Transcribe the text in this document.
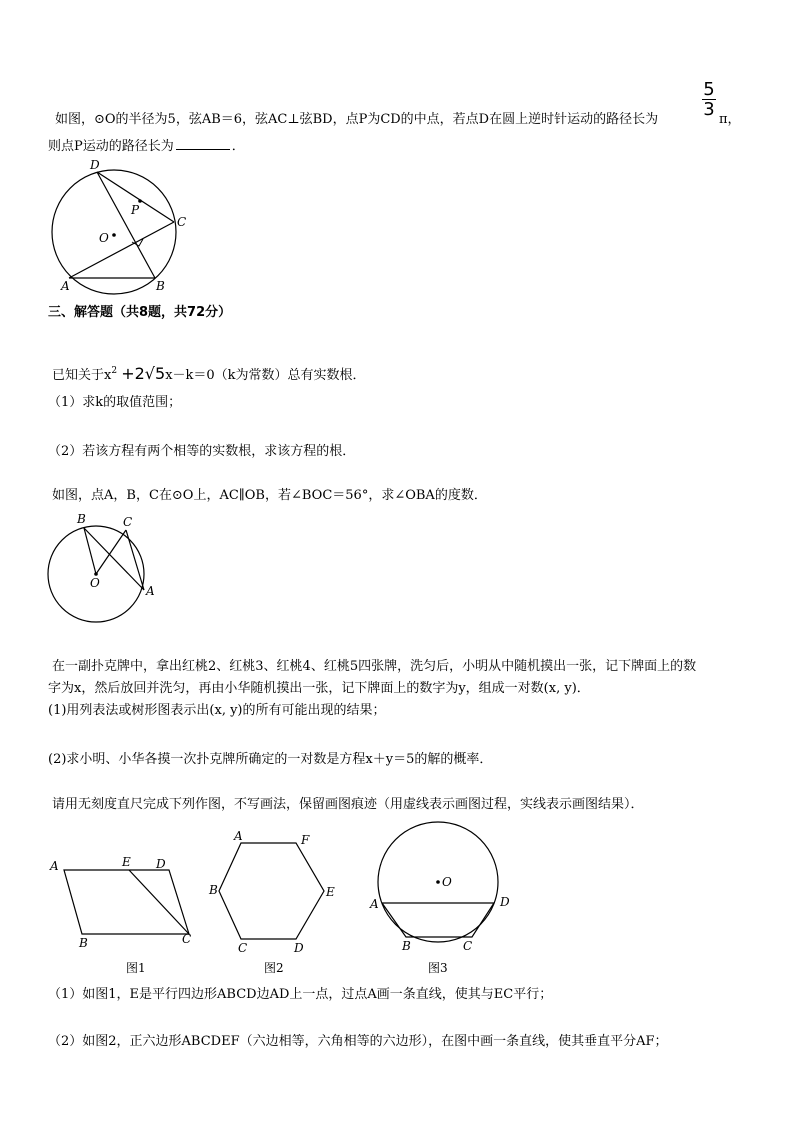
如图，⊙O的半径为5，弦AB＝6，弦AC⊥弦BD，点P为CD的中点，若点D在圆上逆时针运动的路径长为
5
3 π，
则点P运动的路径长为	．
D
P
C
O
A	B
三、解答题（共8题，共72分）
已知关于$x^2 +2√5x-k=0(k$为常数）总有实数根．
（1）求k的取值范围；
（2）若该方程有两个相等的实数根，求该方程的根．
如图，点A，B，C在⊙O上，AC∥OB，若∠BOC＝56°，求∠OBA的度数．
B	C
O
A
在一副扑克牌中，拿出红桃2、红桃3、红桃4、红桃5四张牌，洗匀后，小明从中随机摸出一张，记下牌面上的数
字为x，然后放回并洗匀，再由小华随机摸出一张，记下牌面上的数字为y，组成一对数(x, y)．
(1)用列表法或树形图表示出(x, y)的所有可能出现的结果；
(2)求小明、小华各摸一次扑克牌所确定的一对数是方程x＋y＝5的解的概率．
请用无刻度直尺完成下列作图，不写画法，保留画图痕迹（用虚线表示画图过程，实线表示画图结果）．
A	E D
B	C
图1
A	F
B	E
C	D
图2
O
A	D
B	C
图3
（1）如图1，E是平行四边形ABCD边AD上一点，过点A画一条直线，使其与EC平行；
（2）如图2，正六边形ABCDEF（六边相等，六角相等的六边形），在图中画一条直线，使其垂直平分AF；
